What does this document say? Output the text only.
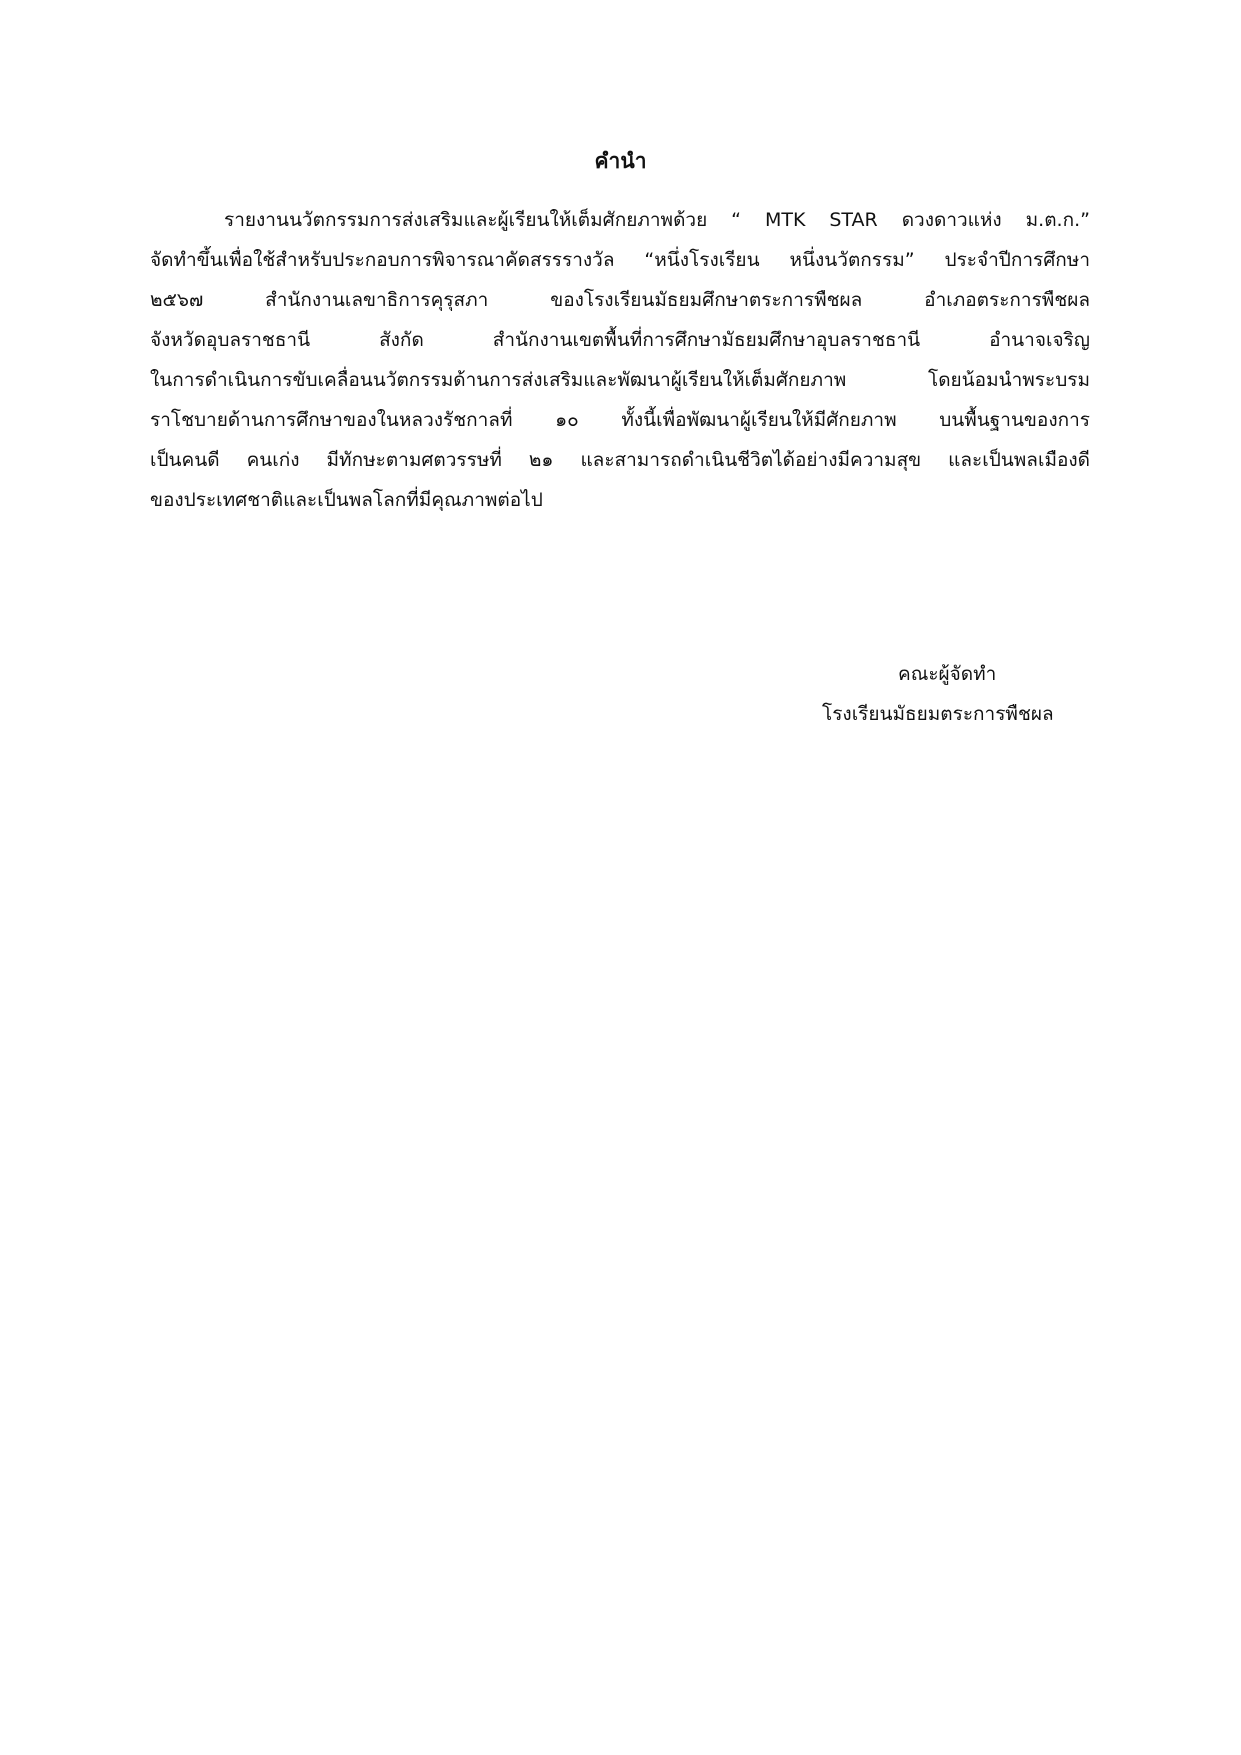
คำนำ
รายงานนวัตกรรมการส่งเสริมและผู้เรียนให้เต็มศักยภาพด้วย “ MTK STAR ดวงดาวแห่ง ม.ต.ก.”
จัดทำขึ้นเพื่อใช้สำหรับประกอบการพิจารณาคัดสรรรางวัล “หนึ่งโรงเรียน หนึ่งนวัตกรรม” ประจำปีการศึกษา
๒๕๖๗ สำนักงานเลขาธิการคุรุสภา ของโรงเรียนมัธยมศึกษาตระการพืชผล อำเภอตระการพืชผล
จังหวัดอุบลราชธานี สังกัด สำนักงานเขตพื้นที่การศึกษามัธยมศึกษาอุบลราชธานี อำนาจเจริญ
ในการดำเนินการขับเคลื่อนนวัตกรรมด้านการส่งเสริมและพัฒนาผู้เรียนให้เต็มศักยภาพ โดยน้อมนำพระบรม
ราโชบายด้านการศึกษาของในหลวงรัชกาลที่ ๑๐ ทั้งนี้เพื่อพัฒนาผู้เรียนให้มีศักยภาพ บนพื้นฐานของการ
เป็นคนดี คนเก่ง มีทักษะตามศตวรรษที่ ๒๑ และสามารถดำเนินชีวิตได้อย่างมีความสุข และเป็นพลเมืองดี
ของประเทศชาติและเป็นพลโลกที่มีคุณภาพต่อไป
คณะผู้จัดทำ
โรงเรียนมัธยมตระการพืชผล
